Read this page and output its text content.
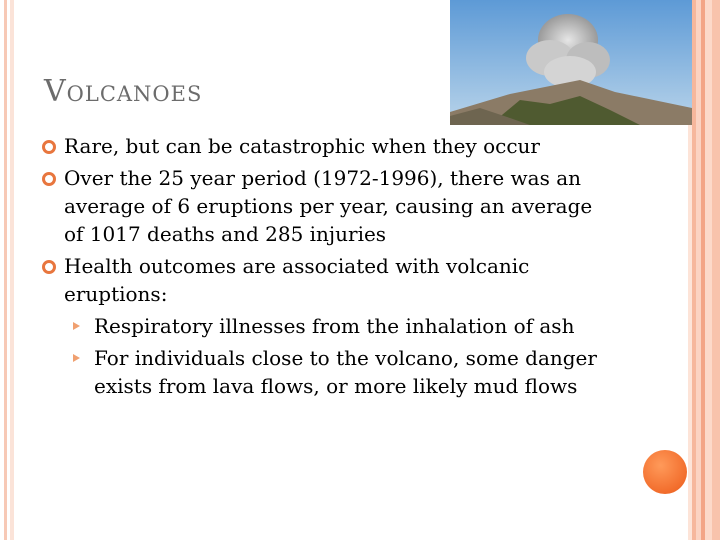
Volcanoes
Rare, but can be catastrophic when they occur
Over the 25 year period (1972-1996), there was an average of 6 eruptions per year, causing an average of 1017 deaths and 285 injuries
Health outcomes are associated with volcanic eruptions:
Respiratory illnesses from the inhalation of ash
For individuals close to the volcano, some danger exists from lava flows, or more likely mud flows
